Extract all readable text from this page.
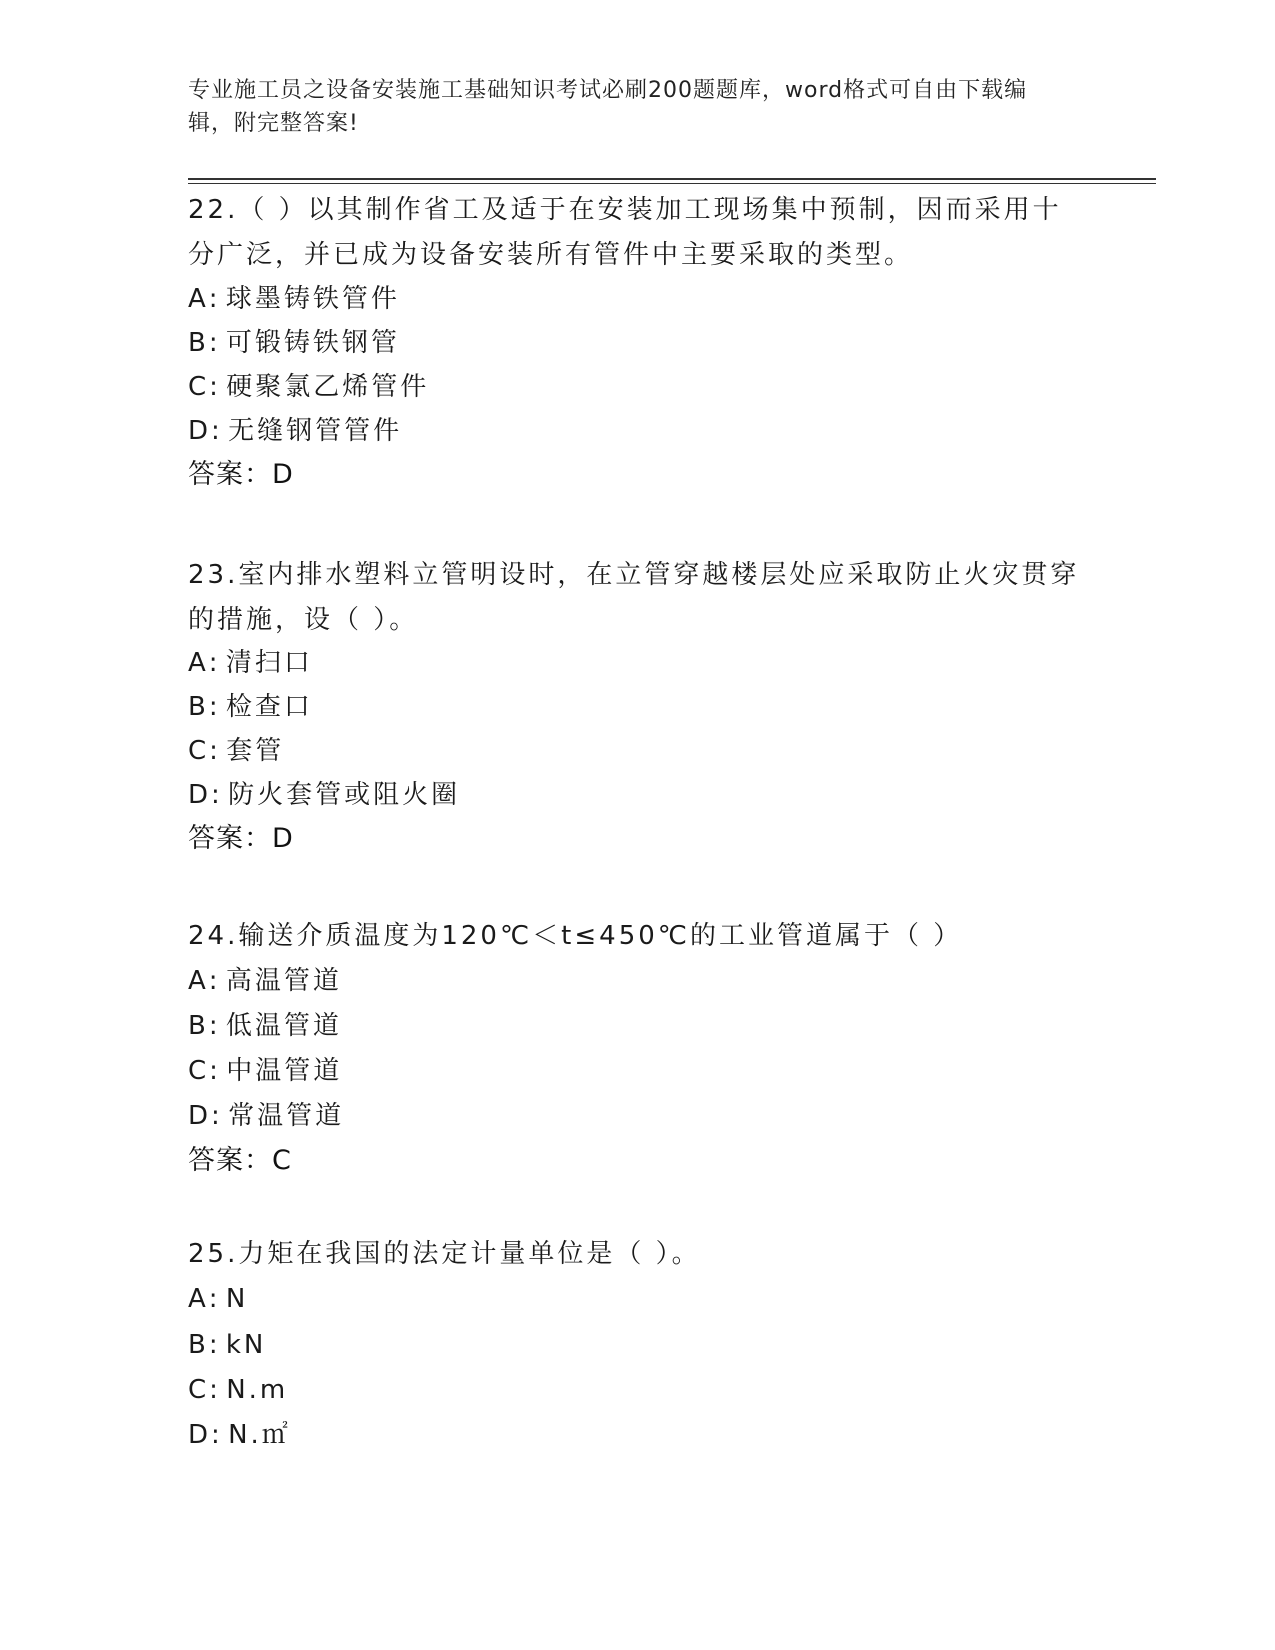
专业施工员之设备安装施工基础知识考试必刷200题题库，word格式可自由下载编辑，附完整答案!
22.（ ）以其制作省工及适于在安装加工现场集中预制，因而采用十分广泛，并已成为设备安装所有管件中主要采取的类型。
A: 球墨铸铁管件
B: 可锻铸铁钢管
C: 硬聚氯乙烯管件
D: 无缝钢管管件
答案：D
23.室内排水塑料立管明设时，在立管穿越楼层处应采取防止火灾贯穿的措施，设（ ）。
A: 清扫口
B: 检查口
C: 套管
D: 防火套管或阻火圈
答案：D
24.输送介质温度为120℃＜t≤450℃的工业管道属于（ ）
A: 高温管道
B: 低温管道
C: 中温管道
D: 常温管道
答案：C
25.力矩在我国的法定计量单位是（ ）。
A: N
B: kN
C: N.m
D: N.㎡
